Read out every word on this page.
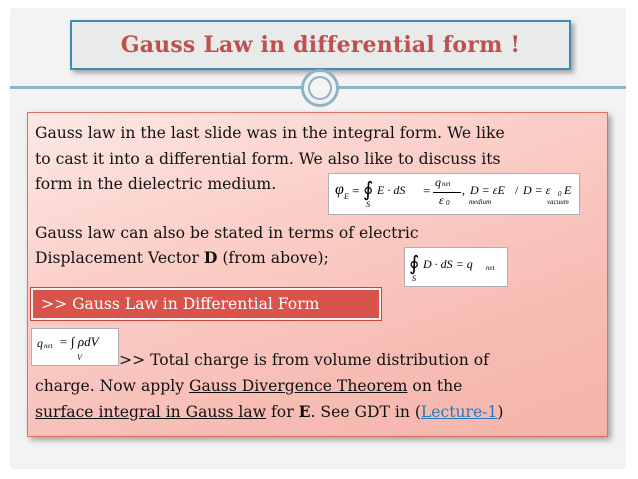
Gauss Law in differential form !
Gauss law in the last slide was in the integral form. We like
to cast it into a differential form. We also like to discuss its
form in the dielectric medium.	φ E = ∮
S
E · dS =
q net
ε 0
, D = εE
medium
/ D = ε 0 E
vacuum
Gauss law can also be stated in terms of electric
Displacement Vector D (from above);	∮
S
D · dS = q net
>> Gauss Law in Differential Form
q net = ∫ ρdV
V >> Total charge is from volume distribution of
charge. Now apply Gauss Divergence Theorem on the
surface integral in Gauss law for E. See GDT in (Lecture-1)
